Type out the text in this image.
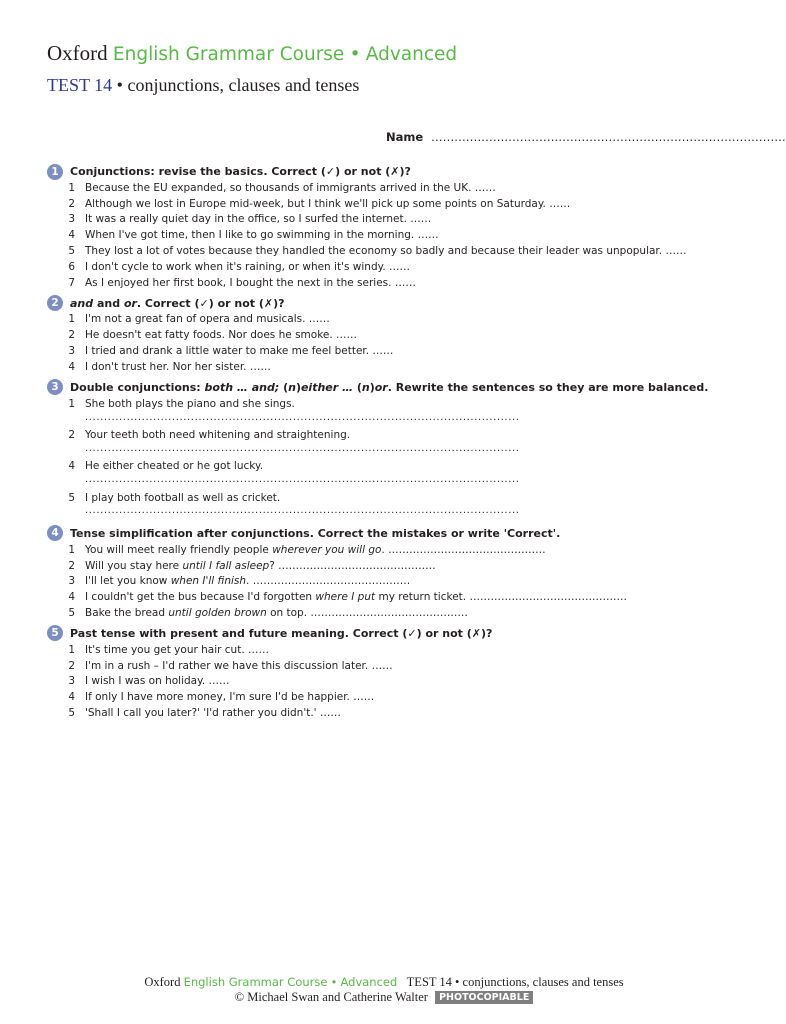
Oxford English Grammar Course • Advanced
TEST 14 • conjunctions, clauses and tenses
Name ............................................................................................
1	Conjunctions: revise the basics. Correct (✓) or not (✗)?
1 Because the EU expanded, so thousands of immigrants arrived in the UK. ……
2 Although we lost in Europe mid-week, but I think we'll pick up some points on Saturday. ……
3 It was a really quiet day in the office, so I surfed the internet. ……
4 When I've got time, then I like to go swimming in the morning. ……
5 They lost a lot of votes because they handled the economy so badly and because their leader was unpopular. ……
6 I don't cycle to work when it's raining, or when it's windy. ……
7 As I enjoyed her first book, I bought the next in the series. ……
2	and and or. Correct (✓) or not (✗)?
1 I'm not a great fan of opera and musicals. ……
2 He doesn't eat fatty foods. Nor does he smoke. ……
3 I tried and drank a little water to make me feel better. ……
4 I don't trust her. Nor her sister. ……
3	Double conjunctions: both … and; (n)either … (n)or. Rewrite the sentences so they are more balanced.
1 She both plays the piano and she sings.
...................................................................................................................
2 Your teeth both need whitening and straightening.
...................................................................................................................
4 He either cheated or he got lucky.
...................................................................................................................
5 I play both football as well as cricket.
...................................................................................................................
4	Tense simplification after conjunctions. Correct the mistakes or write 'Correct'.
1 You will meet really friendly people wherever you will go. ………………………………………
2 Will you stay here until I fall asleep? ………………………………………
3 I'll let you know when I'll finish. ………………………………………
4 I couldn't get the bus because I'd forgotten where I put my return ticket. ………………………………………
5 Bake the bread until golden brown on top. ………………………………………
5	Past tense with present and future meaning. Correct (✓) or not (✗)?
1 It's time you get your hair cut. ……
2 I'm in a rush – I'd rather we have this discussion later. ……
3 I wish I was on holiday. ……
4 If only I have more money, I'm sure I'd be happier. ……
5 'Shall I call you later?' 'I'd rather you didn't.' ……
Oxford English Grammar Course • Advanced TEST 14 • conjunctions, clauses and tenses
© Michael Swan and Catherine Walter PHOTOCOPIABLE
